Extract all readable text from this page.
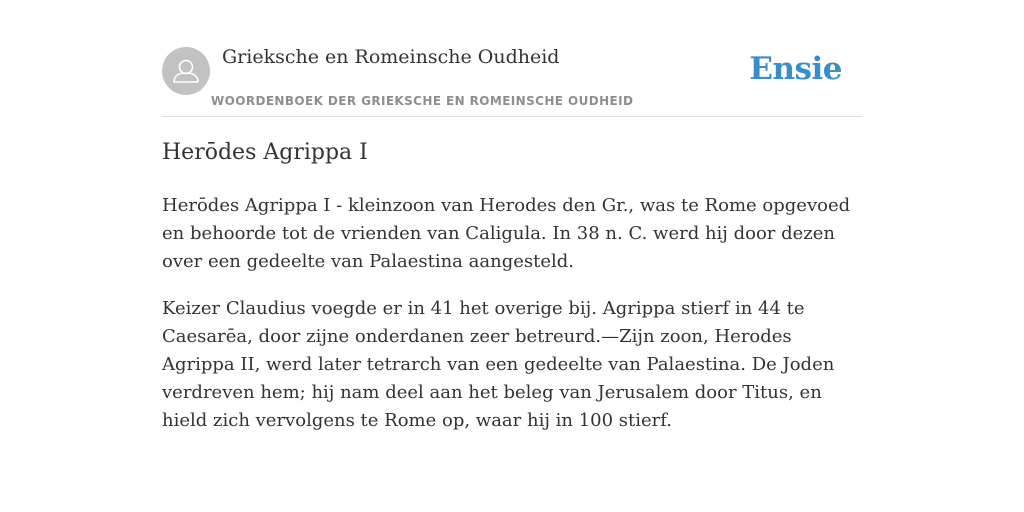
Grieksche en Romeinsche Oudheid
WOORDENBOEK DER GRIEKSCHE EN ROMEINSCHE OUDHEID
Ensie
Herōdes Agrippa I

Herōdes Agrippa I - kleinzoon van Herodes den Gr., was te Rome opgevoed en behoorde tot de vrienden van Caligula. In 38 n. C. werd hij door dezen over een gedeelte van Palaestina aangesteld.

Keizer Claudius voegde er in 41 het overige bij. Agrippa stierf in 44 te Caesarēa, door zijne onderdanen zeer betreurd.—Zijn zoon, Herodes Agrippa II, werd later tetrarch van een gedeelte van Palaestina. De Joden verdreven hem; hij nam deel aan het beleg van Jerusalem door Titus, en hield zich vervolgens te Rome op, waar hij in 100 stierf.
